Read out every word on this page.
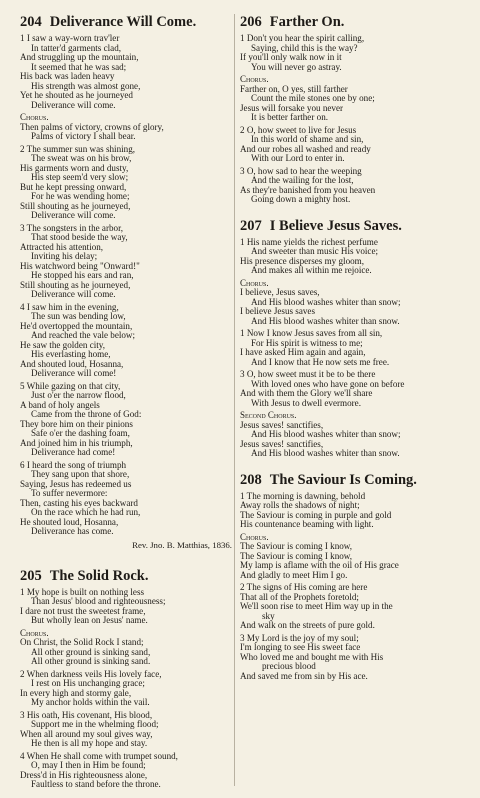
204 Deliverance Will Come.
1 I saw a way-worn trav'ler
In tatter'd garments clad,
And struggling up the mountain,
It seemed that he was sad;
His back was laden heavy
His strength was almost gone,
Yet he shouted as he journeyed
Deliverance will come.
Chorus.
Then palms of victory, crowns of glory,
Palms of victory I shall bear.
2 The summer sun was shining,
The sweat was on his brow,
His garments worn and dusty,
His step seem'd very slow;
But he kept pressing onward,
For he was wending home;
Still shouting as he journeyed,
Deliverance will come.
3 The songsters in the arbor,
That stood beside the way,
Attracted his attention,
Inviting his delay;
His watchword being "Onward!"
He stopped his ears and ran,
Still shouting as he journeyed,
Deliverance will come.
4 I saw him in the evening,
The sun was bending low,
He'd overtopped the mountain,
And reached the vale below;
He saw the golden city,
His everlasting home,
And shouted loud, Hosanna,
Deliverance will come!
5 While gazing on that city,
Just o'er the narrow flood,
A band of holy angels
Came from the throne of God:
They bore him on their pinions
Safe o'er the dashing foam,
And joined him in his triumph,
Deliverance had come!
6 I heard the song of triumph
They sang upon that shore,
Saying, Jesus has redeemed us
To suffer nevermore:
Then, casting his eyes backward
On the race which he had run,
He shouted loud, Hosanna,
Deliverance has come.
Rev. Jno. B. Matthias, 1836.
205 The Solid Rock.
1 My hope is built on nothing less
Than Jesus' blood and righteousness;
I dare not trust the sweetest frame,
But wholly lean on Jesus' name.
Chorus.
On Christ, the Solid Rock I stand;
All other ground is sinking sand,
All other ground is sinking sand.
2 When darkness veils His lovely face,
I rest on His unchanging grace;
In every high and stormy gale,
My anchor holds within the vail.
3 His oath, His covenant, His blood,
Support me in the whelming flood;
When all around my soul gives way,
He then is all my hope and stay.
4 When He shall come with trumpet sound,
O, may I then in Him be found;
Dress'd in His righteousness alone,
Faultless to stand before the throne.
206 Farther On.
1 Don't you hear the spirit calling,
Saying, child this is the way?
If you'll only walk now in it
You will never go astray.
Chorus.
Farther on, O yes, still farther
Count the mile stones one by one;
Jesus will forsake you never
It is better farther on.
2 O, how sweet to live for Jesus
In this world of shame and sin,
And our robes all washed and ready
With our Lord to enter in.
3 O, how sad to hear the weeping
And the wailing for the lost,
As they're banished from you heaven
Going down a mighty host.
207 I Believe Jesus Saves.
1 His name yields the richest perfume
And sweeter than music His voice;
His presence disperses my gloom,
And makes all within me rejoice.
Chorus.
I believe, Jesus saves,
And His blood washes whiter than snow;
I believe Jesus saves
And His blood washes whiter than snow.
1 Now I know Jesus saves from all sin,
For His spirit is witness to me;
I have asked Him again and again,
And I know that He now sets me free.
3 O, how sweet must it be to be there
With loved ones who have gone on before
And with them the Glory we'll share
With Jesus to dwell evermore.
Second Chorus.
Jesus saves! sanctifies,
And His blood washes whiter than snow;
Jesus saves! sanctifies,
And His blood washes whiter than snow.
208 The Saviour Is Coming.
1 The morning is dawning, behold
Away rolls the shadows of night;
The Saviour is coming in purple and gold
His countenance beaming with light.
Chorus.
The Saviour is coming I know,
The Saviour is coming I know,
My lamp is aflame with the oil of His grace
And gladly to meet Him I go.
2 The signs of His coming are here
That all of the Prophets foretold;
We'll soon rise to meet Him way up in the
sky
And walk on the streets of pure gold.
3 My Lord is the joy of my soul;
I'm longing to see His sweet face
Who loved me and bought me with His
precious blood
And saved me from sin by His ace.
